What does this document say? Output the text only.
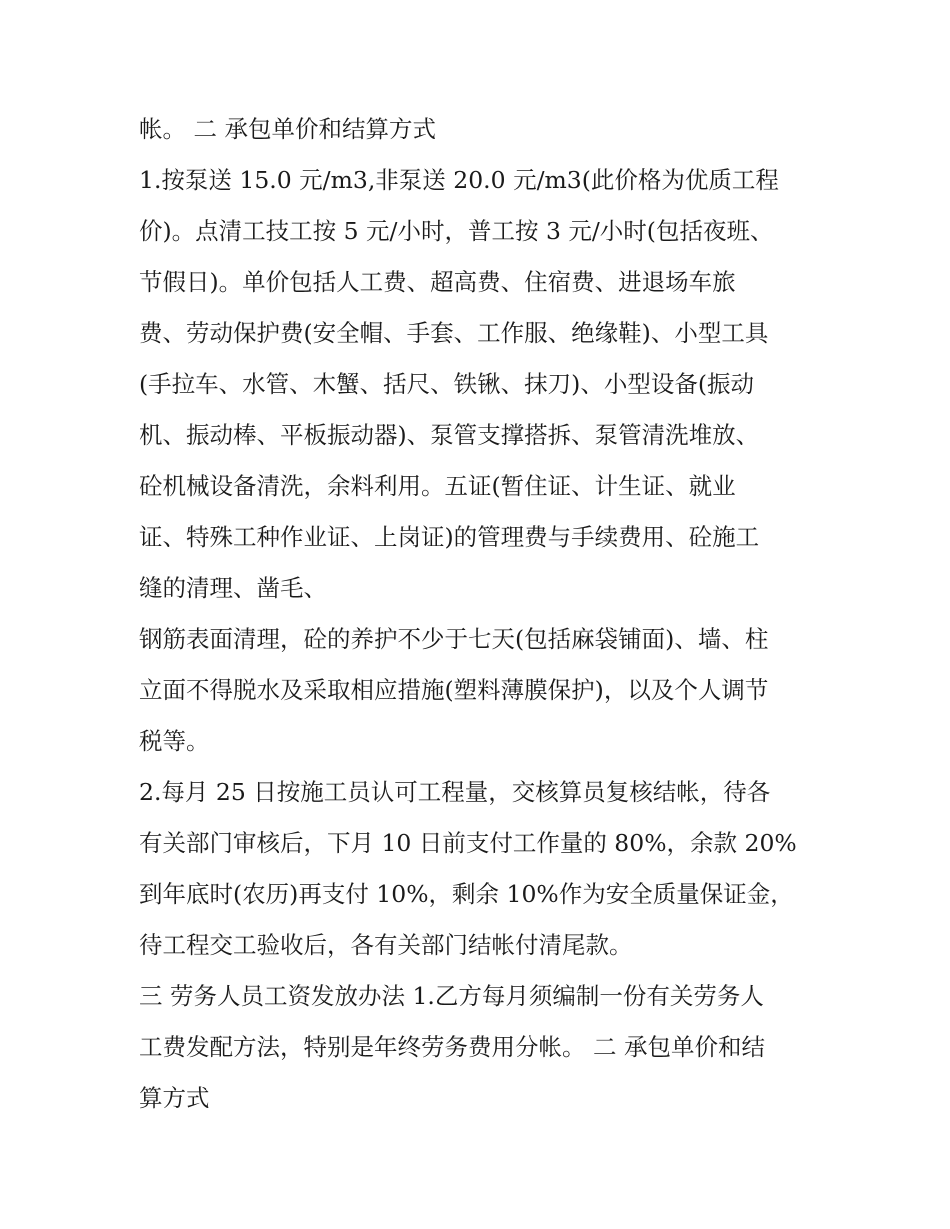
帐。 二 承包单价和结算方式
1.按泵送 15.0 元/m3,非泵送 20.0 元/m3(此价格为优质工程
价)。点清工技工按 5 元/小时，普工按 3 元/小时(包括夜班、
节假日)。单价包括人工费、超高费、住宿费、进退场车旅
费、劳动保护费(安全帽、手套、工作服、绝缘鞋)、小型工具
(手拉车、水管、木蟹、括尺、铁锹、抹刀)、小型设备(振动
机、振动棒、平板振动器)、泵管支撑搭拆、泵管清洗堆放、
砼机械设备清洗，余料利用。五证(暂住证、计生证、就业
证、特殊工种作业证、上岗证)的管理费与手续费用、砼施工
缝的清理、凿毛、
钢筋表面清理，砼的养护不少于七天(包括麻袋铺面)、墙、柱
立面不得脱水及采取相应措施(塑料薄膜保护)，以及个人调节
税等。
2.每月 25 日按施工员认可工程量，交核算员复核结帐，待各
有关部门审核后，下月 10 日前支付工作量的 80%，余款 20%
到年底时(农历)再支付 10%，剩余 10%作为安全质量保证金，
待工程交工验收后，各有关部门结帐付清尾款。
三 劳务人员工资发放办法 1.乙方每月须编制一份有关劳务人
工费发配方法，特别是年终劳务费用分帐。 二 承包单价和结
算方式
